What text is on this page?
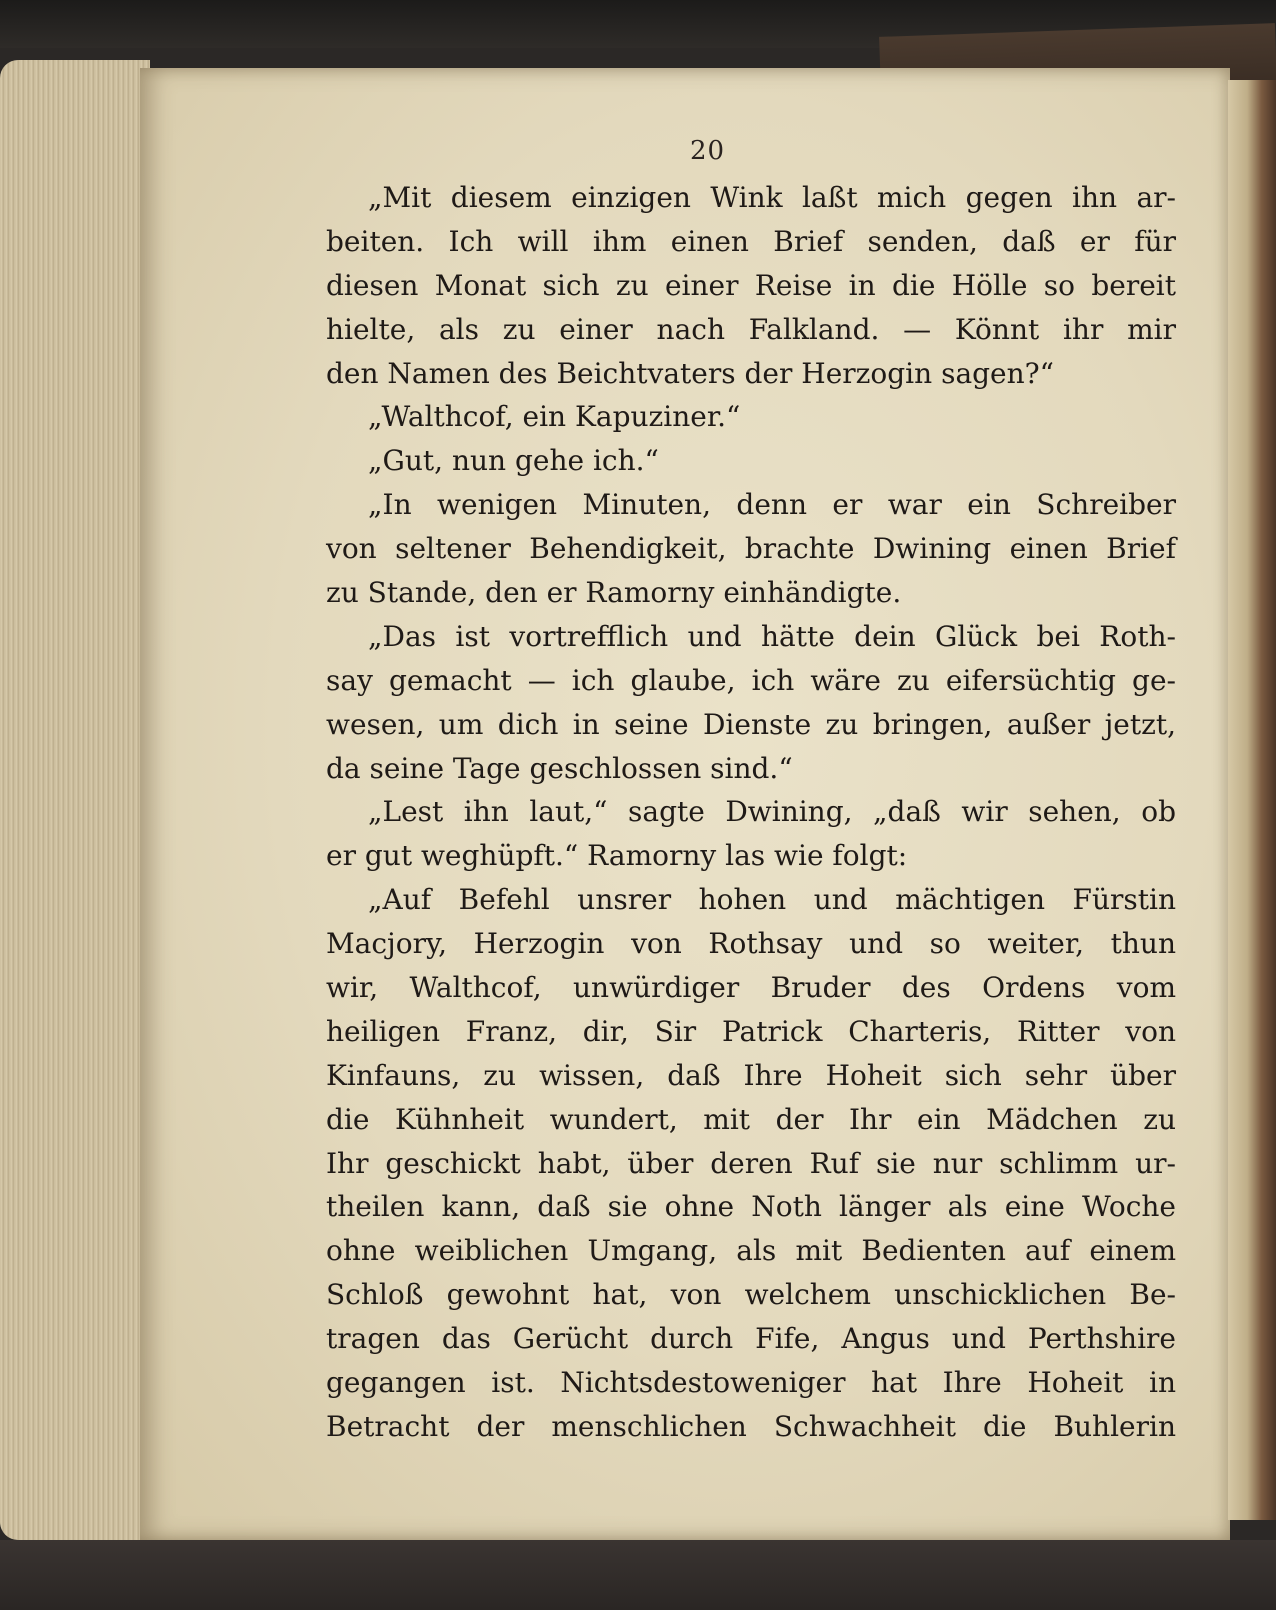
20
„Mit diesem einzigen Wink laßt mich gegen ihn ar-
beiten. Ich will ihm einen Brief senden, daß er für
diesen Monat sich zu einer Reise in die Hölle so bereit
hielte, als zu einer nach Falkland. — Könnt ihr mir
den Namen des Beichtvaters der Herzogin sagen?“
„Walthcof, ein Kapuziner.“
„Gut, nun gehe ich.“
„In wenigen Minuten, denn er war ein Schreiber
von seltener Behendigkeit, brachte Dwining einen Brief
zu Stande, den er Ramorny einhändigte.
„Das ist vortrefflich und hätte dein Glück bei Roth-
say gemacht — ich glaube, ich wäre zu eifersüchtig ge-
wesen, um dich in seine Dienste zu bringen, außer jetzt,
da seine Tage geschlossen sind.“
„Lest ihn laut,“ sagte Dwining, „daß wir sehen, ob
er gut weghüpft.“ Ramorny las wie folgt:
„Auf Befehl unsrer hohen und mächtigen Fürstin
Macjory, Herzogin von Rothsay und so weiter, thun
wir, Walthcof, unwürdiger Bruder des Ordens vom
heiligen Franz, dir, Sir Patrick Charteris, Ritter von
Kinfauns, zu wissen, daß Ihre Hoheit sich sehr über
die Kühnheit wundert, mit der Ihr ein Mädchen zu
Ihr geschickt habt, über deren Ruf sie nur schlimm ur-
theilen kann, daß sie ohne Noth länger als eine Woche
ohne weiblichen Umgang, als mit Bedienten auf einem
Schloß gewohnt hat, von welchem unschicklichen Be-
tragen das Gerücht durch Fife, Angus und Perthshire
gegangen ist. Nichtsdestoweniger hat Ihre Hoheit in
Betracht der menschlichen Schwachheit die Buhlerin
